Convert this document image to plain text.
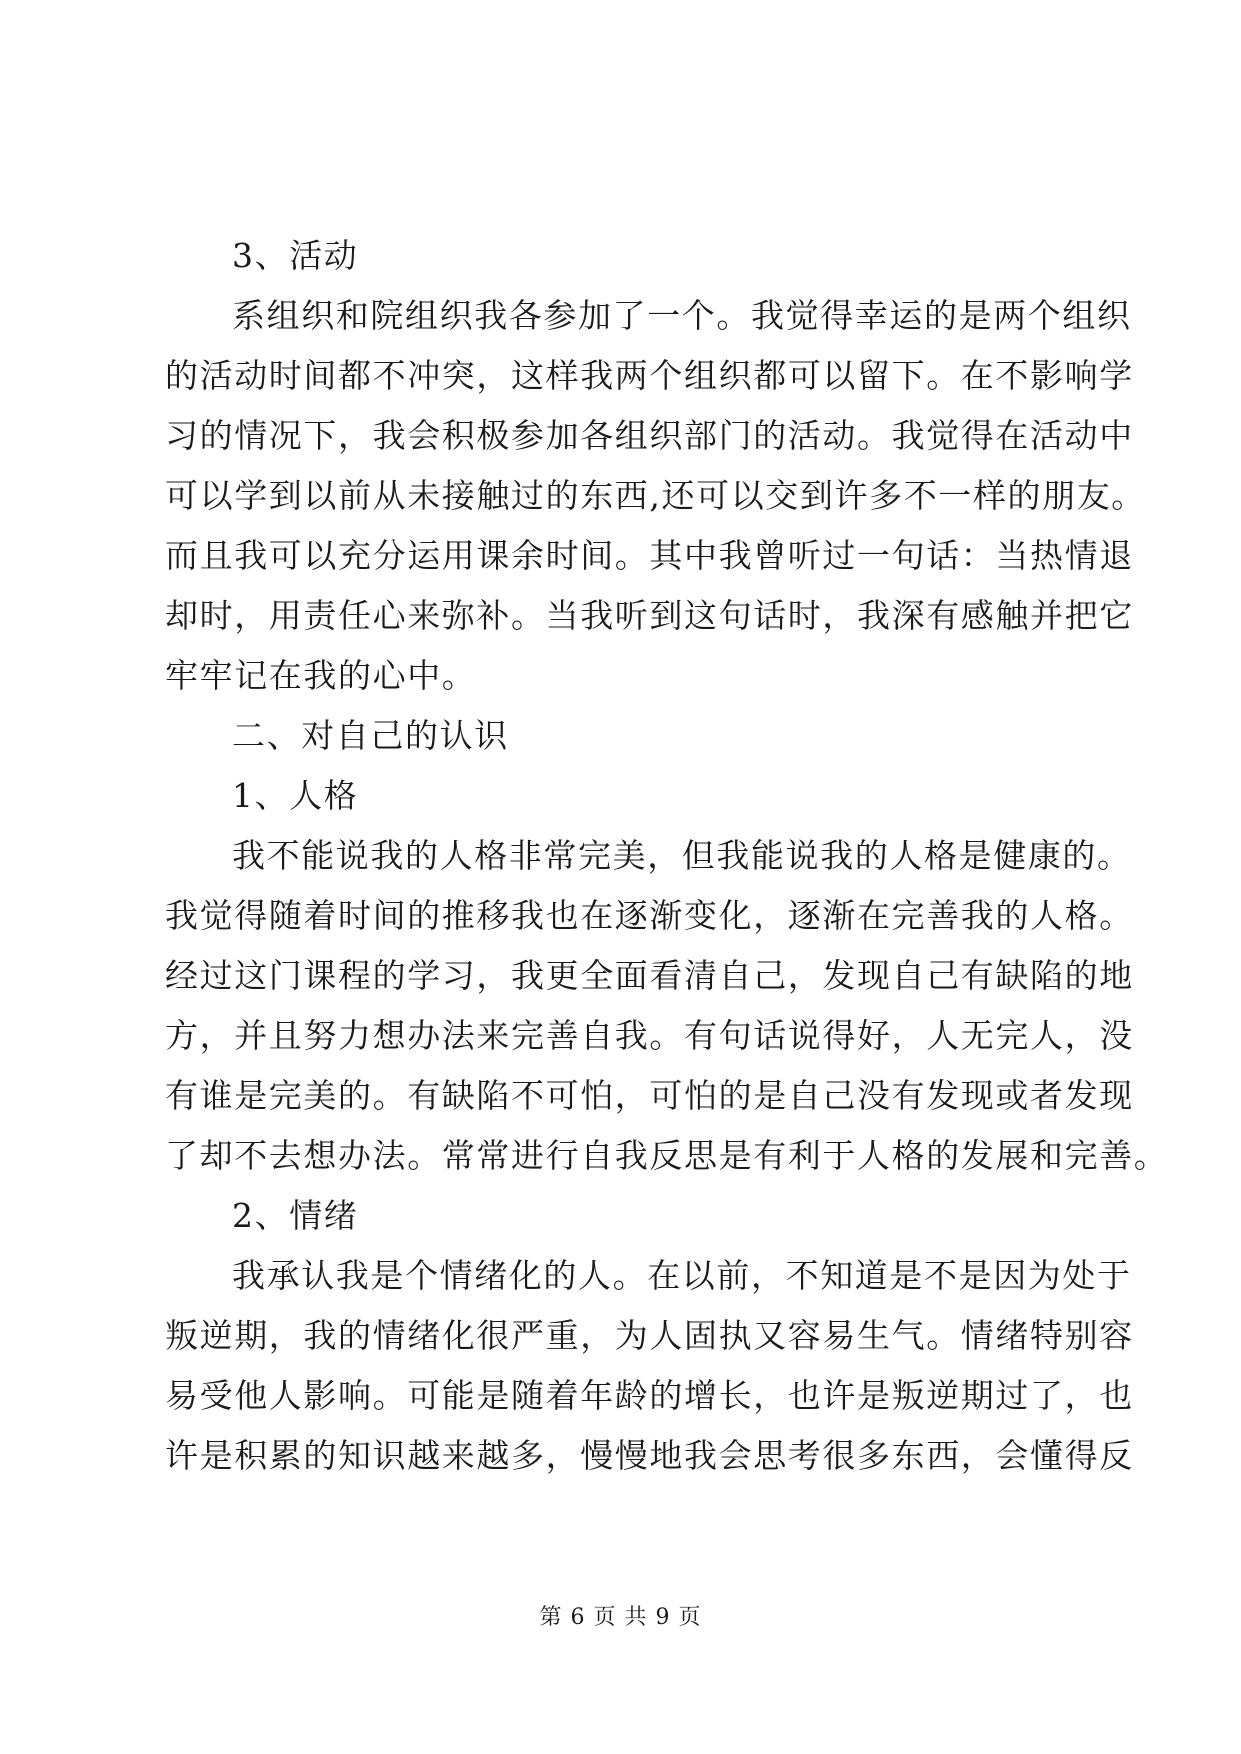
3、活动
系组织和院组织我各参加了一个。我觉得幸运的是两个组织
的活动时间都不冲突，这样我两个组织都可以留下。在不影响学
习的情况下，我会积极参加各组织部门的活动。我觉得在活动中
可以学到以前从未接触过的东西,还可以交到许多不一样的朋友。
而且我可以充分运用课余时间。其中我曾听过一句话：当热情退
却时，用责任心来弥补。当我听到这句话时，我深有感触并把它
牢牢记在我的心中。
二、对自己的认识
1、人格
我不能说我的人格非常完美，但我能说我的人格是健康的。
我觉得随着时间的推移我也在逐渐变化，逐渐在完善我的人格。
经过这门课程的学习，我更全面看清自己，发现自己有缺陷的地
方，并且努力想办法来完善自我。有句话说得好，人无完人，没
有谁是完美的。有缺陷不可怕，可怕的是自己没有发现或者发现
了却不去想办法。常常进行自我反思是有利于人格的发展和完善。
2、情绪
我承认我是个情绪化的人。在以前，不知道是不是因为处于
叛逆期，我的情绪化很严重，为人固执又容易生气。情绪特别容
易受他人影响。可能是随着年龄的增长，也许是叛逆期过了，也
许是积累的知识越来越多，慢慢地我会思考很多东西，会懂得反
第 6 页 共 9 页
